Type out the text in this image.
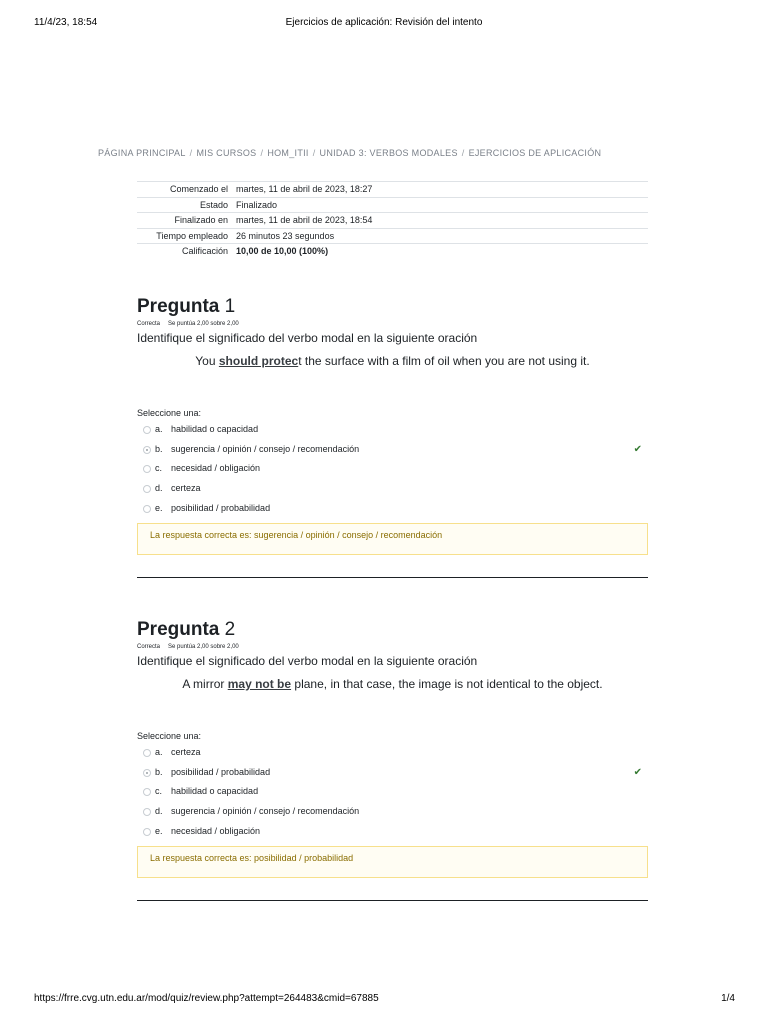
11/4/23, 18:54	Ejercicios de aplicación: Revisión del intento
PÁGINA PRINCIPAL / MIS CURSOS / HOM_ITII / UNIDAD 3: VERBOS MODALES / EJERCICIOS DE APLICACIÓN
Comenzado el martes, 11 de abril de 2023, 18:27
Estado Finalizado
Finalizado en martes, 11 de abril de 2023, 18:54
Tiempo empleado 26 minutos 23 segundos
Calificación 10,00 de 10,00 (100%)
Pregunta 1
Correcta Se puntúa 2,00 sobre 2,00
Identifique el significado del verbo modal en la siguiente oración
You should protect the surface with a film of oil when you are not using it.
Seleccione una:
a. habilidad o capacidad
b. sugerencia / opinión / consejo / recomendación	✔
c. necesidad / obligación
d. certeza
e. posibilidad / probabilidad
La respuesta correcta es: sugerencia / opinión / consejo / recomendación
Pregunta 2
Correcta Se puntúa 2,00 sobre 2,00
Identifique el significado del verbo modal en la siguiente oración
A mirror may not be plane, in that case, the image is not identical to the object.
Seleccione una:
a. certeza
b. posibilidad / probabilidad	✔
c. habilidad o capacidad
d. sugerencia / opinión / consejo / recomendación
e. necesidad / obligación
La respuesta correcta es: posibilidad / probabilidad
https://frre.cvg.utn.edu.ar/mod/quiz/review.php?attempt=264483&cmid=67885	1/4
